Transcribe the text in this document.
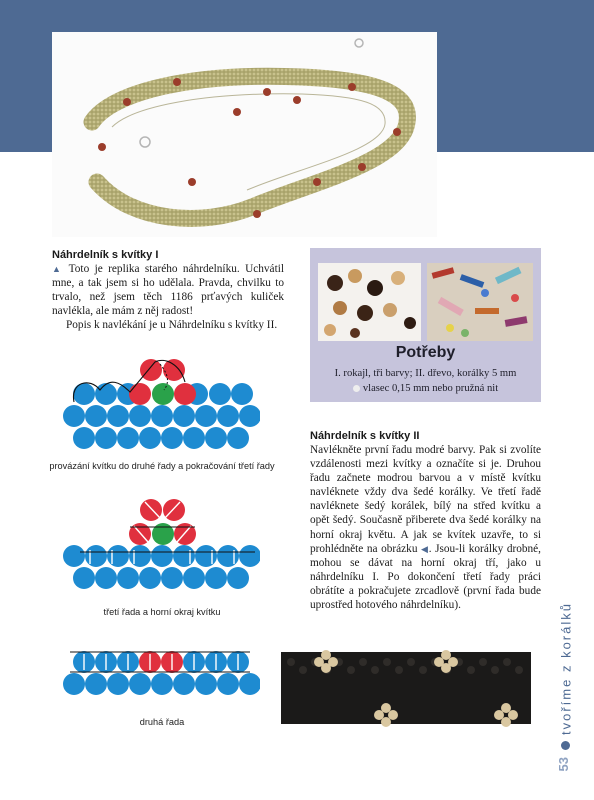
Náhrdelník s kvítky I

▲ Toto je replika starého náhrdelníku. Uchvátil mne, a tak jsem si ho udělala. Pravda, chvilku to trvalo, než jsem těch 1186 prťavých kuliček navlékla, ale mám z něj radost!

Popis k navlékání je u Náhrdelníku s kvítky II.

Potřeby
I. rokajl, tři barvy; II. dřevo, korálky 5 mm
vlasec 0,15 mm nebo pružná nit
Náhrdelník s kvítky II

Navlékněte první řadu modré barvy. Pak si zvolíte vzdálenosti mezi kvítky a označíte si je. Druhou řadu začnete modrou barvou a v místě kvítku navléknete vždy dva šedé korálky. Ve třetí řadě navléknete šedý korálek, bílý na střed kvítku a opět šedý. Současně přiberete dva šedé korálky na horní okraj květu. A jak se kvítek uzavře, to si prohlédněte na obrázku ◀. Jsou-li korálky drobné, mohou se dávat na horní okraj tří, jako u náhrdelníku I. Po dokončení třetí řady práci obrátíte a pokračujete zrcadlově (první řada bude uprostřed hotového náhrdelníku).

provázání kvítku do druhé řady a pokračování třetí řady
třetí řada a horní okraj kvítku
druhá řada	tvoříme z korálků
53
